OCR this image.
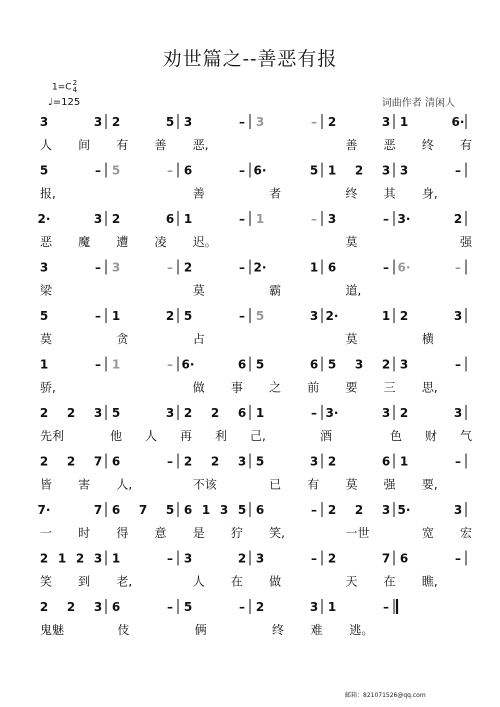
劝世篇之--善恶有报
1=C 2
4
♩=125	词曲作者 清闲人
3	3 2	5 3	– 3	– 2	3 1	6·
人 间 有 善 恶,	善 恶 终 有
5	– 5	– 6	– 6·	5 1 2 3 3	–
报,	善	者	终 其 身,
2·	3 2	6 1	– 1	– 3	– 3·	2
恶 魔 遭 凌 迟。	莫	强
3	– 3	– 2	– 2·	1 6	– 6·	–
梁	莫	霸	道,
5	– 1	2 5	– 5	3 2·	1 2	3
莫	贪	占	莫	横
1	– 1	– 6·	6 5	6 5 3 2 3	–
骄,	做 事 之 前 要 三 思,
2 2 3 5	3 2 2 6 1	– 3·	3 2	3
先利	他 人 再 利 己,	酒	色 财 气
2 2 7 6	– 2 2 3 5	3 2	6 1	–
皆 害 人,	不该	已 有 莫 强 要,
7·	7 6 7 5 6 1 3 5 6	– 2 2 3 5·	3
一 时 得 意 是 狞 笑,	一世	宽 宏
2 1 2 3 1	– 3	2 3	– 2	7 6	–
笑 到 老,	人 在 做	天 在 瞧,
2 2 3 6	– 5	– 2	3 1	–
鬼魅	伎	俩	终 难 逃。
邮箱：821071526@qq.com
